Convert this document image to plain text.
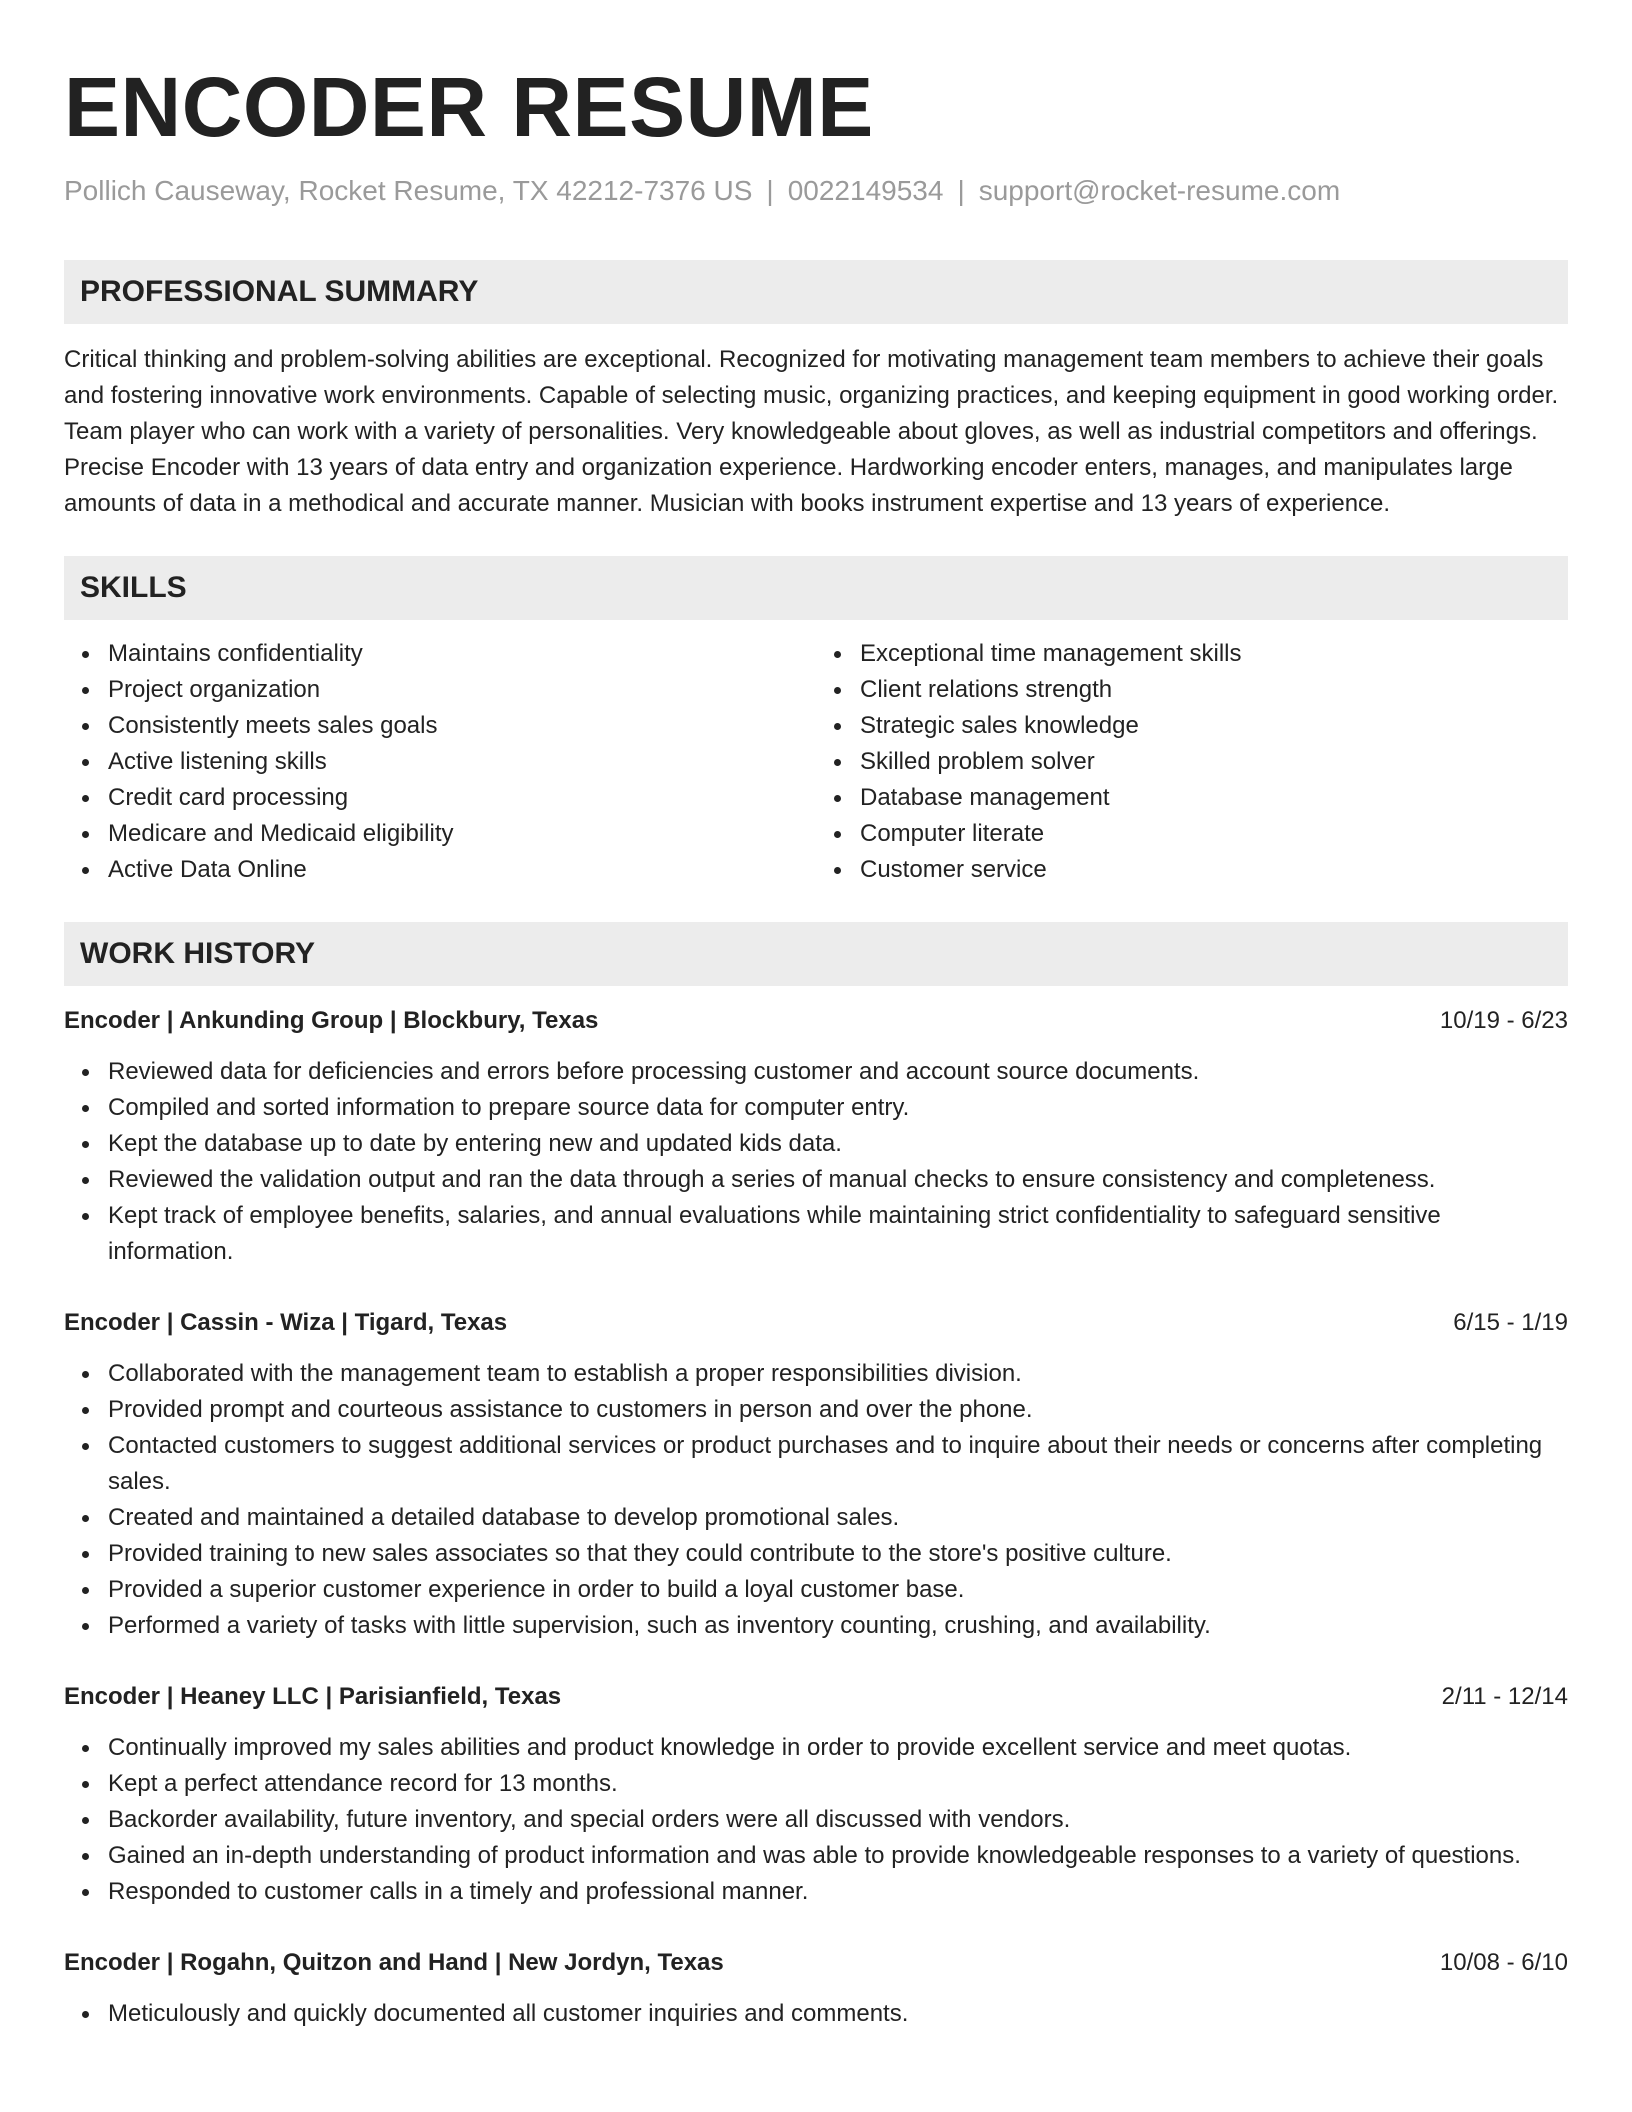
ENCODER RESUME
Pollich Causeway, Rocket Resume, TX 42212-7376 US | 0022149534 | support@rocket-resume.com
PROFESSIONAL SUMMARY

Critical thinking and problem-solving abilities are exceptional. Recognized for motivating management team members to achieve their goals and fostering innovative work environments. Capable of selecting music, organizing practices, and keeping equipment in good working order. Team player who can work with a variety of personalities. Very knowledgeable about gloves, as well as industrial competitors and offerings. Precise Encoder with 13 years of data entry and organization experience. Hardworking encoder enters, manages, and manipulates large amounts of data in a methodical and accurate manner. Musician with books instrument expertise and 13 years of experience.

SKILLS
Maintains confidentiality
Project organization
Consistently meets sales goals
Active listening skills
Credit card processing
Medicare and Medicaid eligibility
Active Data Online
Exceptional time management skills
Client relations strength
Strategic sales knowledge
Skilled problem solver
Database management
Computer literate
Customer service
WORK HISTORY
Encoder | Ankunding Group | Blockbury, Texas	10/19 - 6/23
Reviewed data for deficiencies and errors before processing customer and account source documents.
Compiled and sorted information to prepare source data for computer entry.
Kept the database up to date by entering new and updated kids data.
Reviewed the validation output and ran the data through a series of manual checks to ensure consistency and completeness.
Kept track of employee benefits, salaries, and annual evaluations while maintaining strict confidentiality to safeguard sensitive information.
Encoder | Cassin - Wiza | Tigard, Texas	6/15 - 1/19
Collaborated with the management team to establish a proper responsibilities division.
Provided prompt and courteous assistance to customers in person and over the phone.
Contacted customers to suggest additional services or product purchases and to inquire about their needs or concerns after completing sales.
Created and maintained a detailed database to develop promotional sales.
Provided training to new sales associates so that they could contribute to the store's positive culture.
Provided a superior customer experience in order to build a loyal customer base.
Performed a variety of tasks with little supervision, such as inventory counting, crushing, and availability.
Encoder | Heaney LLC | Parisianfield, Texas	2/11 - 12/14
Continually improved my sales abilities and product knowledge in order to provide excellent service and meet quotas.
Kept a perfect attendance record for 13 months.
Backorder availability, future inventory, and special orders were all discussed with vendors.
Gained an in-depth understanding of product information and was able to provide knowledgeable responses to a variety of questions.
Responded to customer calls in a timely and professional manner.
Encoder | Rogahn, Quitzon and Hand | New Jordyn, Texas	10/08 - 6/10
Meticulously and quickly documented all customer inquiries and comments.
